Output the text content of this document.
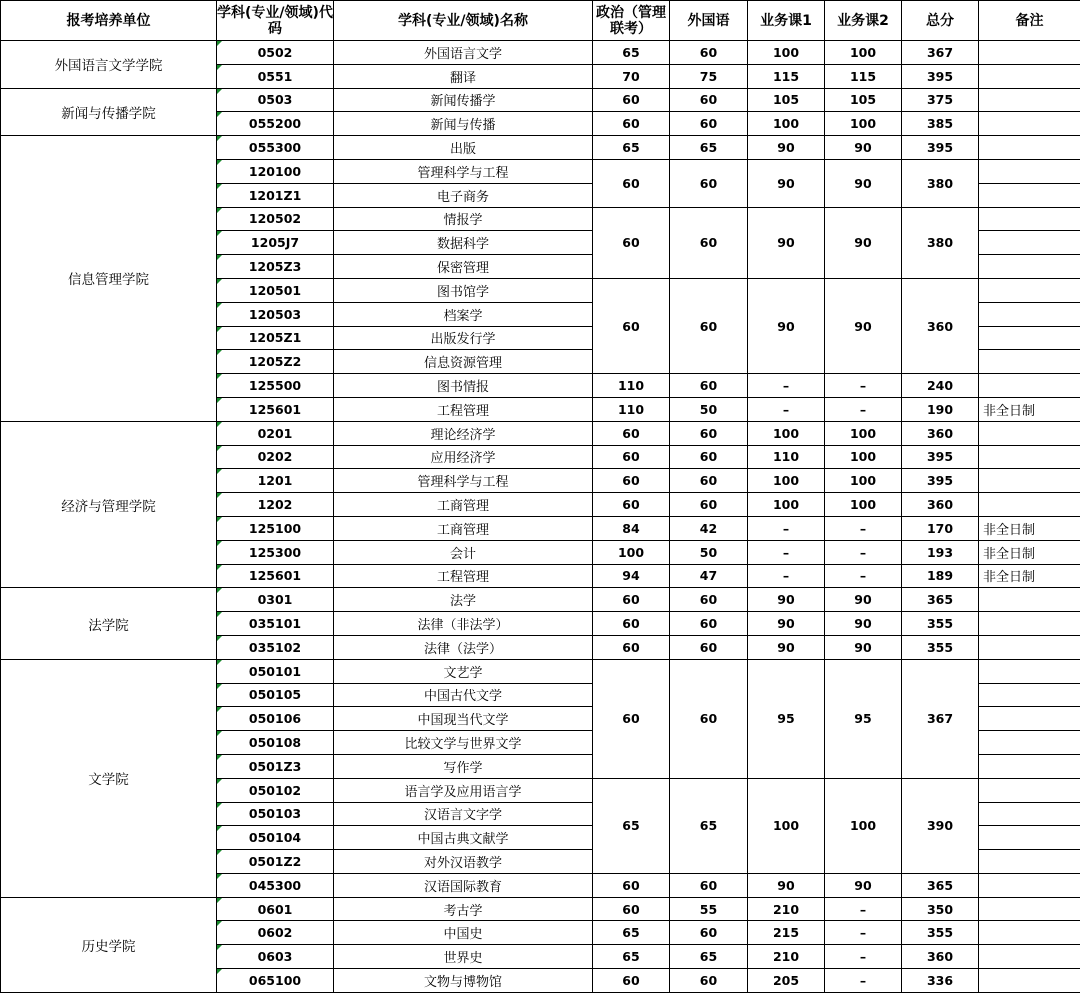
报考培养单位	学科(专业/领域)代码	学科(专业/领域)名称	政治（管理联考）	外国语	业务课1	业务课2	总分	备注
外国语言文学学院	0502	外国语言文学	65	60	100	100	367	
	0551	翻译	70	75	115	115	395	
新闻与传播学院	0503	新闻传播学	60	60	105	105	375	
	055200	新闻与传播	60	60	100	100	385	
信息管理学院	055300	出版	65	65	90	90	395	
	120100	管理科学与工程	60	60	90	90	380	
	1201Z1	电子商务						
	120502	情报学	60	60	90	90	380	
	1205J7	数据科学						
	1205Z3	保密管理						
	120501	图书馆学	60	60	90	90	360	
	120503	档案学						
	1205Z1	出版发行学						
	1205Z2	信息资源管理						
	125500	图书情报	110	60	–	–	240	
	125601	工程管理	110	50	–	–	190	非全日制
经济与管理学院	0201	理论经济学	60	60	100	100	360	
	0202	应用经济学	60	60	110	100	395	
	1201	管理科学与工程	60	60	100	100	395	
	1202	工商管理	60	60	100	100	360	
	125100	工商管理	84	42	–	–	170	非全日制
	125300	会计	100	50	–	–	193	非全日制
	125601	工程管理	94	47	–	–	189	非全日制
法学院	0301	法学	60	60	90	90	365	
	035101	法律（非法学）	60	60	90	90	355	
	035102	法律（法学）	60	60	90	90	355	
文学院	050101	文艺学	60	60	95	95	367	
	050105	中国古代文学						
	050106	中国现当代文学						
	050108	比较文学与世界文学						
	0501Z3	写作学						
	050102	语言学及应用语言学	65	65	100	100	390	
	050103	汉语言文字学						
	050104	中国古典文献学						
	0501Z2	对外汉语教学						
	045300	汉语国际教育	60	60	90	90	365	
历史学院	0601	考古学	60	55	210	–	350	
	0602	中国史	65	60	215	–	355	
	0603	世界史	65	65	210	–	360	
	065100	文物与博物馆	60	60	205	–	336	
